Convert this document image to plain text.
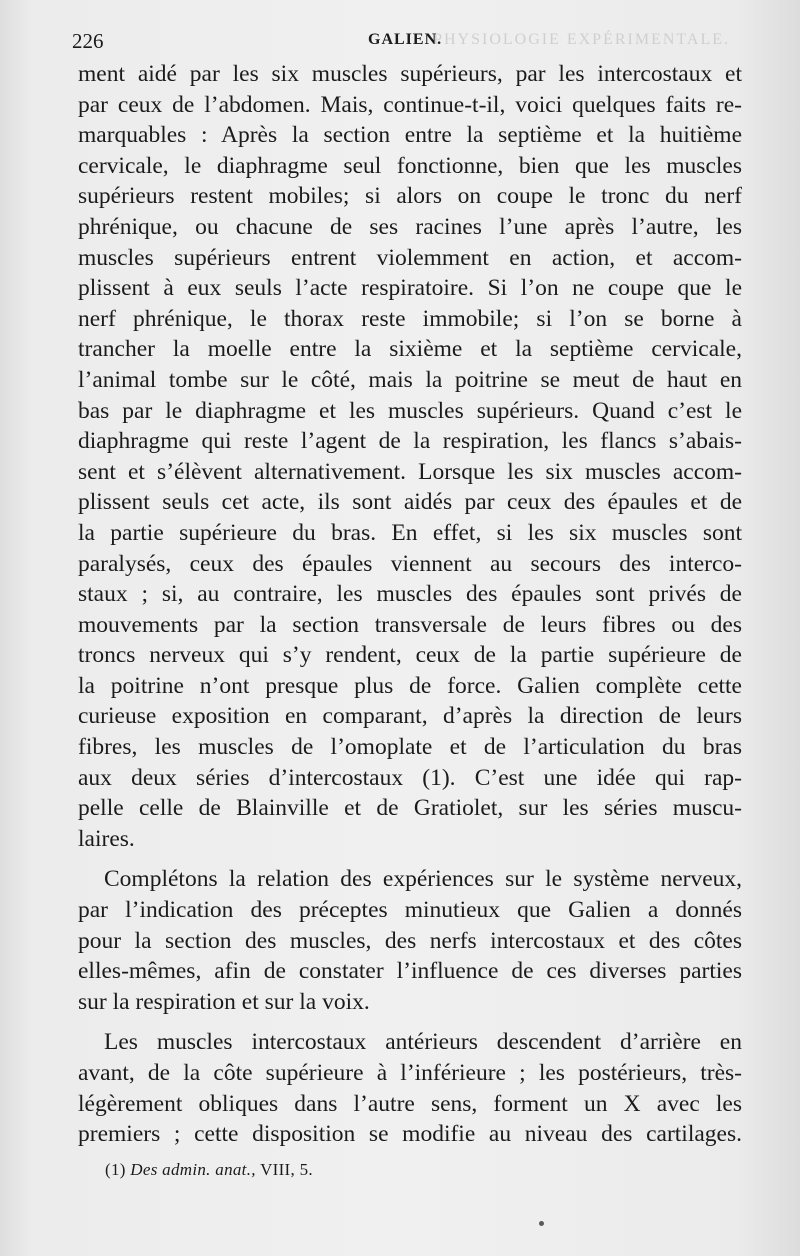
PHYSIOLOGIE EXPÉRIMENTALE.
226	GALIEN.

ment aidé par les six muscles supérieurs, par les intercostaux et
par ceux de l’abdomen. Mais, continue-t-il, voici quelques faits re-
marquables : Après la section entre la septième et la huitième
cervicale, le diaphragme seul fonctionne, bien que les muscles
supérieurs restent mobiles; si alors on coupe le tronc du nerf
phrénique, ou chacune de ses racines l’une après l’autre, les
muscles supérieurs entrent violemment en action, et accom-
plissent à eux seuls l’acte respiratoire. Si l’on ne coupe que le
nerf phrénique, le thorax reste immobile; si l’on se borne à
trancher la moelle entre la sixième et la septième cervicale,
l’animal tombe sur le côté, mais la poitrine se meut de haut en
bas par le diaphragme et les muscles supérieurs. Quand c’est le
diaphragme qui reste l’agent de la respiration, les flancs s’abais-
sent et s’élèvent alternativement. Lorsque les six muscles accom-
plissent seuls cet acte, ils sont aidés par ceux des épaules et de
la partie supérieure du bras. En effet, si les six muscles sont
paralysés, ceux des épaules viennent au secours des interco-
staux ; si, au contraire, les muscles des épaules sont privés de
mouvements par la section transversale de leurs fibres ou des
troncs nerveux qui s’y rendent, ceux de la partie supérieure de
la poitrine n’ont presque plus de force. Galien complète cette
curieuse exposition en comparant, d’après la direction de leurs
fibres, les muscles de l’omoplate et de l’articulation du bras
aux deux séries d’intercostaux (1). C’est une idée qui rap-
pelle celle de Blainville et de Gratiolet, sur les séries muscu-
laires.

Complétons la relation des expériences sur le système nerveux,
par l’indication des préceptes minutieux que Galien a donnés
pour la section des muscles, des nerfs intercostaux et des côtes
elles-mêmes, afin de constater l’influence de ces diverses parties
sur la respiration et sur la voix.

Les muscles intercostaux antérieurs descendent d’arrière en
avant, de la côte supérieure à l’inférieure ; les postérieurs, très-
légèrement obliques dans l’autre sens, forment un X avec les
premiers ; cette disposition se modifie au niveau des cartilages.

(1) Des admin. anat., VIII, 5.
